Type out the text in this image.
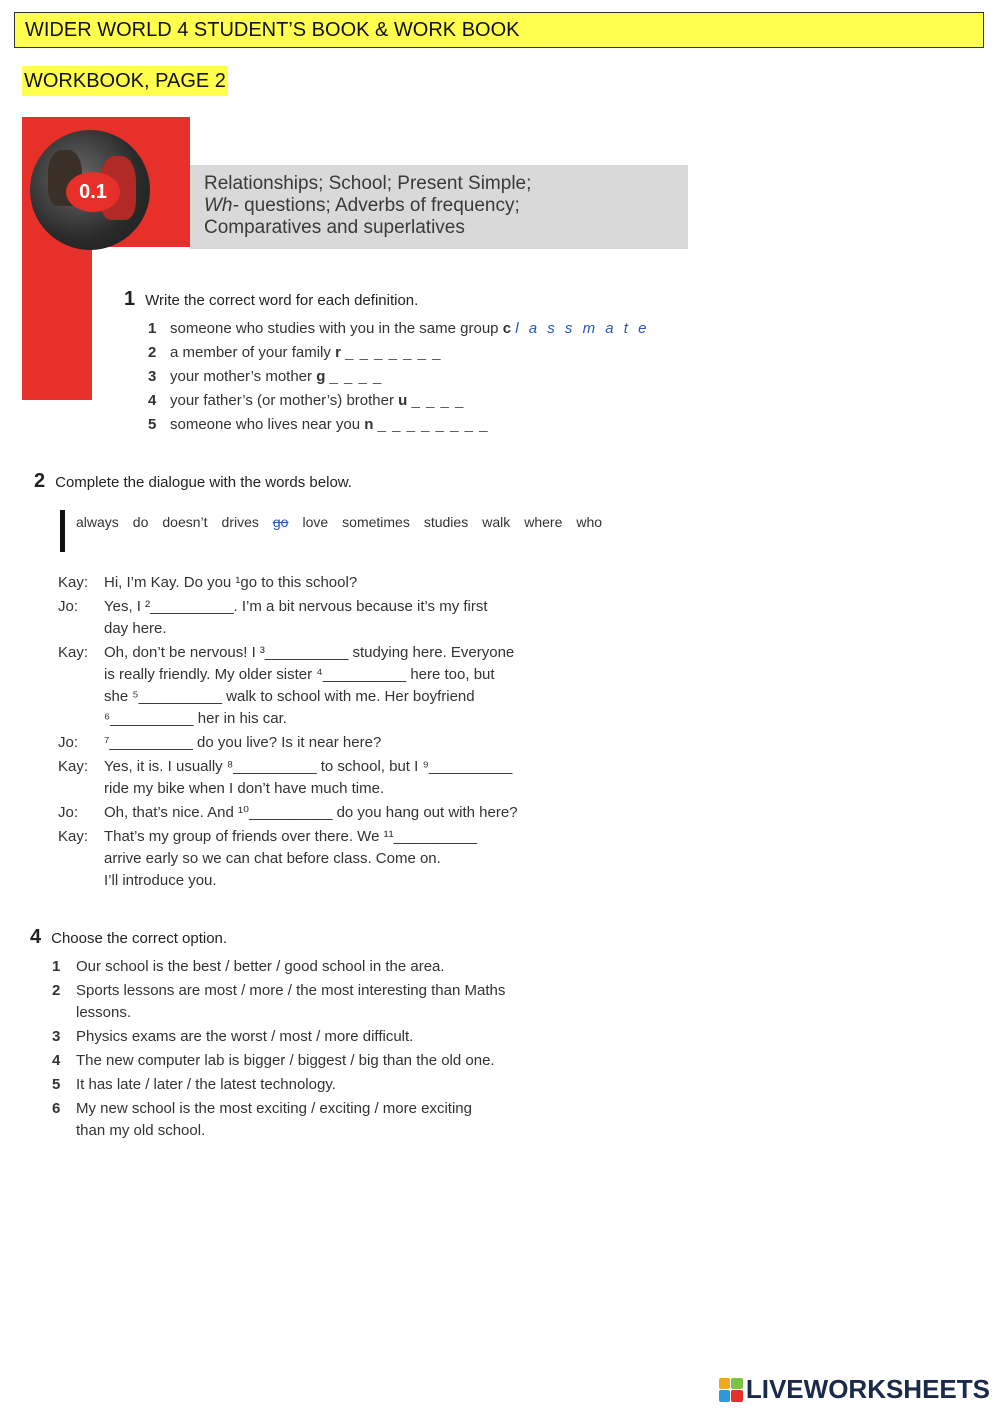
WIDER WORLD 4 STUDENT’S BOOK & WORK BOOK
WORKBOOK, PAGE 2
0.1	Relationships; School; Present Simple;
Wh- questions; Adverbs of frequency;
Comparatives and superlatives
1 Write the correct word for each definition.
1 someone who studies with you in the same group c l a s s m a t e
2 a member of your family r _ _ _ _ _ _ _
3 your mother’s mother g _ _ _ _
4 your father’s (or mother’s) brother u _ _ _ _
5 someone who lives near you n _ _ _ _ _ _ _ _
2 Complete the dialogue with the words below.
always do doesn’t drives go love sometimes studies walk where who
Kay:	Hi, I’m Kay. Do you ¹go to this school?
Jo:	Yes, I ²__________. I’m a bit nervous because it’s my first
day here.
Kay:	Oh, don’t be nervous! I ³__________ studying here. Everyone
is really friendly. My older sister ⁴__________ here too, but
she ⁵__________ walk to school with me. Her boyfriend
⁶__________ her in his car.
Jo:	⁷__________ do you live? Is it near here?
Kay:	Yes, it is. I usually ⁸__________ to school, but I ⁹__________
ride my bike when I don’t have much time.
Jo:	Oh, that’s nice. And ¹⁰__________ do you hang out with here?
Kay:	That’s my group of friends over there. We ¹¹__________
arrive early so we can chat before class. Come on.
I’ll introduce you.
4 Choose the correct option.
1 Our school is the best / better / good school in the area.
2 Sports lessons are most / more / the most interesting than Maths
lessons.
3 Physics exams are the worst / most / more difficult.
4 The new computer lab is bigger / biggest / big than the old one.
5 It has late / later / the latest technology.
6 My new school is the most exciting / exciting / more exciting
than my old school.
LIVEWORKSHEETS
